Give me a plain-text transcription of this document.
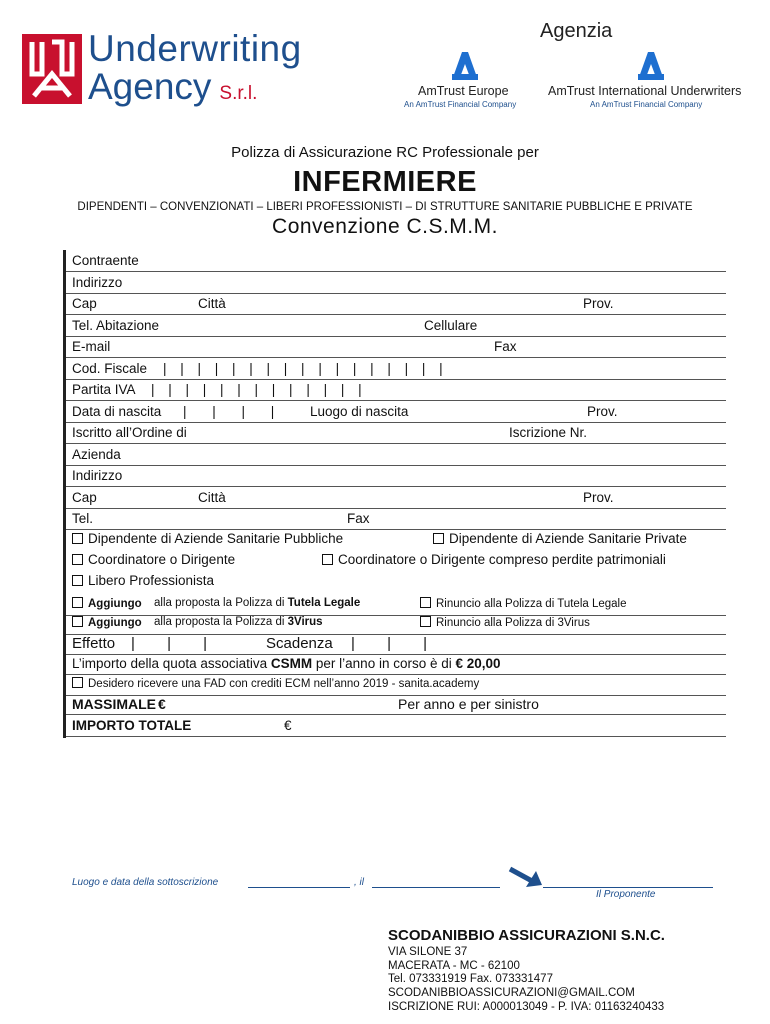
Underwriting
Agency S.r.l.
Agenzia
AmTrust Europe
An AmTrust Financial Company
AmTrust International Underwriters
An AmTrust Financial Company
Polizza di Assicurazione RC Professionale per
INFERMIERE
DIPENDENTI – CONVENZIONATI – LIBERI PROFESSIONISTI – DI STRUTTURE SANITARIE PUBBLICHE E PRIVATE
Convenzione C.S.M.M.
Contraente
Indirizzo
Cap	Città	Prov.
Tel. Abitazione	Cellulare
E-mail	Fax
Cod. Fiscale | | | | | | | | | | | | | | | | |
Partita IVA | | | | | | | | | | | | |
Data di nascita | | | |	Luogo di nascita	Prov.
Iscritto all’Ordine di	Iscrizione Nr.
Azienda
Indirizzo
Cap	Città	Prov.
Tel.	Fax
Dipendente di Aziende Sanitarie Pubbliche	Dipendente di Aziende Sanitarie Private
Coordinatore o Dirigente	Coordinatore o Dirigente compreso perdite patrimoniali
Libero Professionista
Aggiungo alla proposta la Polizza di Tutela Legale	Rinuncio alla Polizza di Tutela Legale
Aggiungo alla proposta la Polizza di 3Virus	Rinuncio alla Polizza di 3Virus
Effetto | | |	Scadenza | | |
L’importo della quota associativa CSMM per l’anno in corso è di € 20,00
Desidero ricevere una FAD con crediti ECM nell’anno 2019 - sanita.academy
MASSIMALE €	Per anno e per sinistro
IMPORTO TOTALE	€
Luogo e data della sottoscrizione	, il
Il Proponente
SCODANIBBIO ASSICURAZIONI S.N.C.
VIA SILONE 37
MACERATA - MC - 62100
Tel. 073331919 Fax. 073331477
SCODANIBBIOASSICURAZIONI@GMAIL.COM
ISCRIZIONE RUI: A000013049 - P. IVA: 01163240433
